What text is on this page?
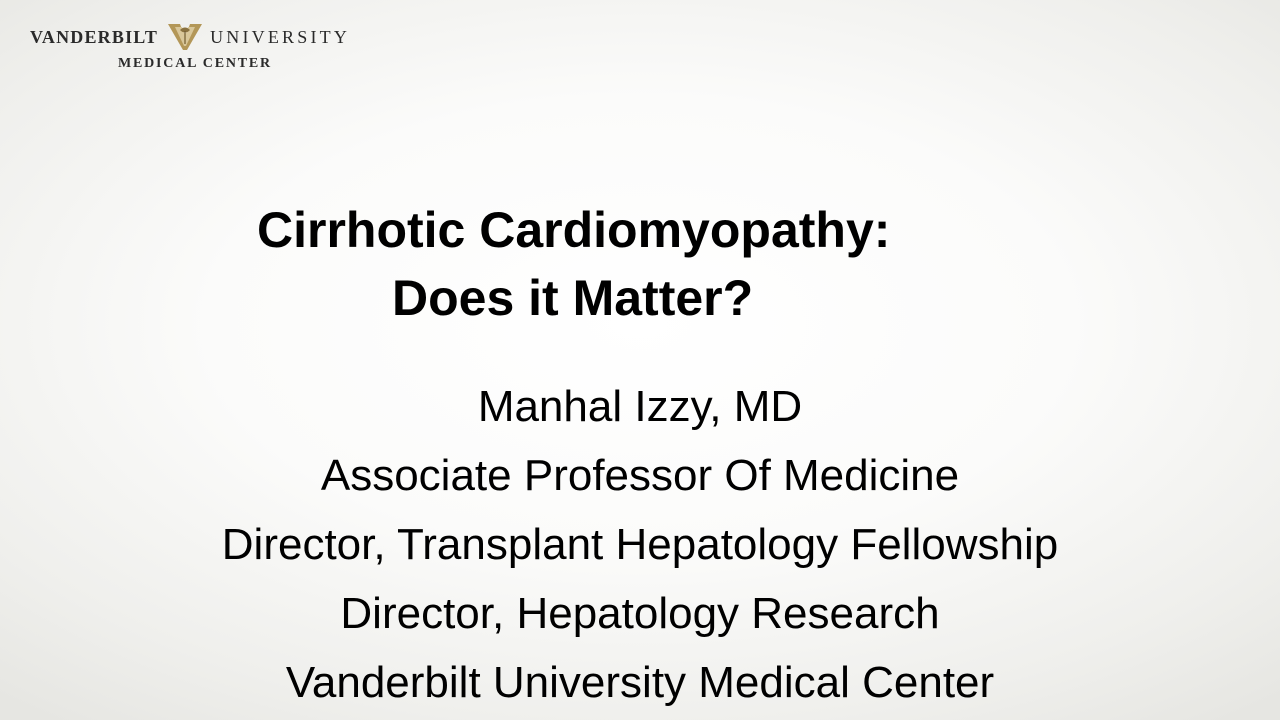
VANDERBILT	UNIVERSITY
MEDICAL CENTER
Cirrhotic Cardiomyopathy:
Does it Matter?
Manhal Izzy, MD
Associate Professor Of Medicine
Director, Transplant Hepatology Fellowship
Director, Hepatology Research
Vanderbilt University Medical Center
